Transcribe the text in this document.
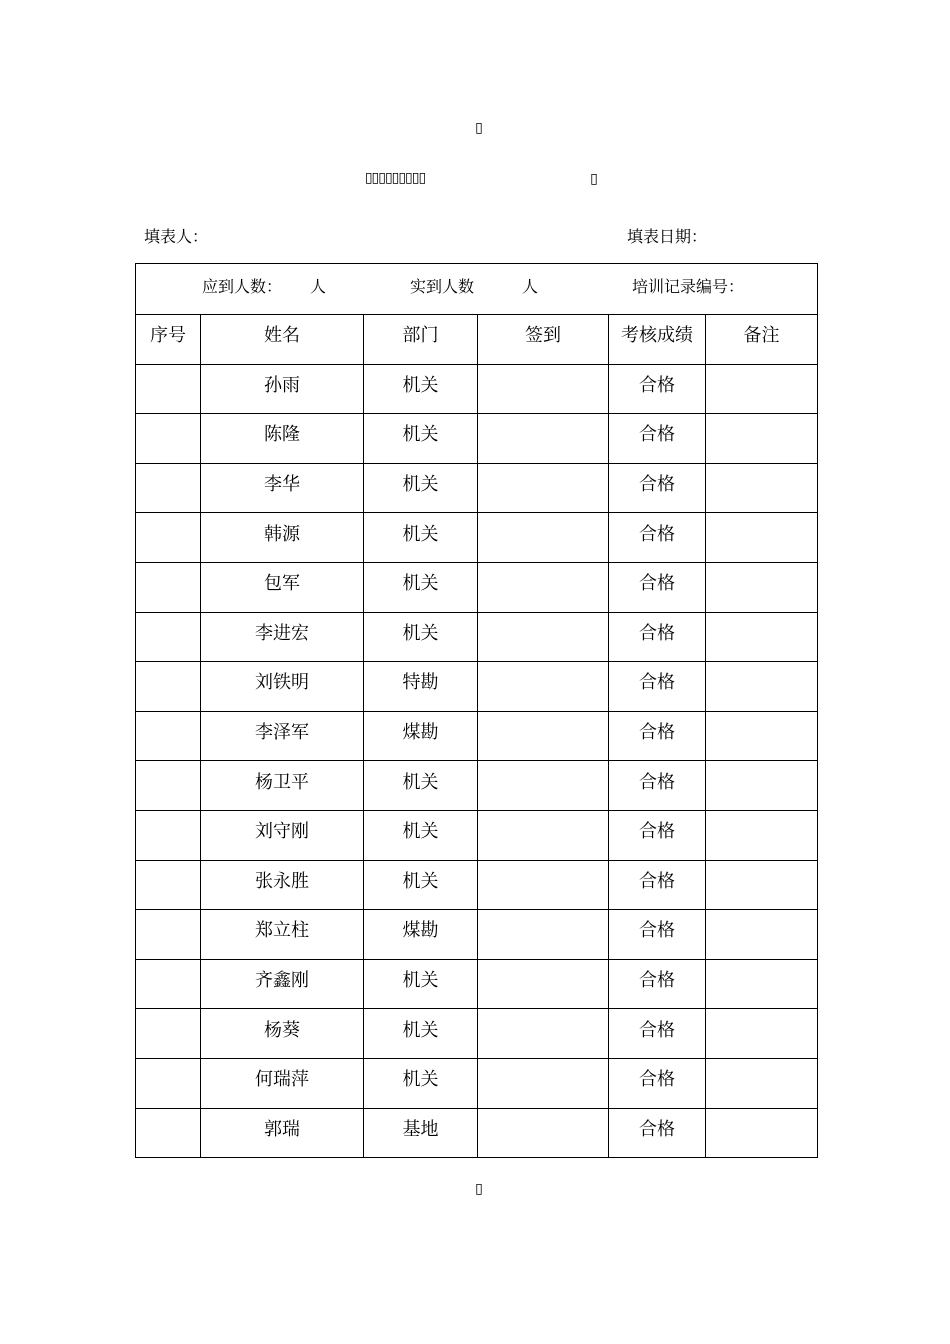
▯
▯▯▯▯▯▯▯▯▯	▯
填表人：	填表日期：
应到人数： 人 实到人数 人 培训记录编号：					

序号	姓名	部门	签到	考核成绩	备注
	孙雨	机关		合格	
	陈隆	机关		合格	
	李华	机关		合格	
	韩源	机关		合格	
	包军	机关		合格	
	李进宏	机关		合格	
	刘铁明	特勘		合格	
	李泽军	煤勘		合格	
	杨卫平	机关		合格	
	刘守刚	机关		合格	
	张永胜	机关		合格	
	郑立柱	煤勘		合格	
	齐鑫刚	机关		合格	
	杨葵	机关		合格	
	何瑞萍	机关		合格	
	郭瑞	基地		合格	
▯
